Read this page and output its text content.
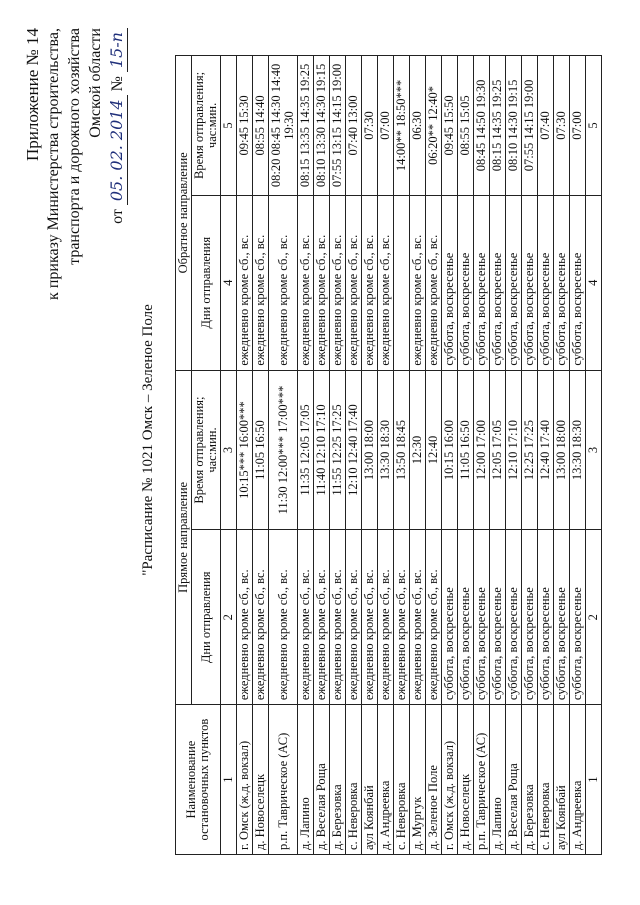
Приложение № 14 к приказу Министерства строительства, транспорта и дорожного хозяйства Омской области
от
05. 02. 2014
№
15-п
"Расписание № 1021 Омск – Зеленое Поле
Наименование остановочных пунктов	Прямое направление		Обратное направление	
	Дни отправления	Время отправления; час:мин.	Дни отправления	Время отправления; час:мин.
1	2	3	4	5
г. Омск (ж.д. вокзал)	ежедневно кроме сб., вс.	10:15*** 16:00***	ежедневно кроме сб., вс.	09:45 15:30
д. Новоселецк	ежедневно кроме сб., вс.	11:05 16:50	ежедневно кроме сб., вс.	08:55 14:40
р.п. Таврическое (АС)	ежедневно кроме сб., вс.	11:30 12:00*** 17:00***	ежедневно кроме сб., вс.	08:20 08:45 14:30 14:40 19:30
д. Лапино	ежедневно кроме сб., вс.	11:35 12:05 17:05	ежедневно кроме сб., вс.	08:15 13:35 14:35 19:25
д. Веселая Роща	ежедневно кроме сб., вс.	11:40 12:10 17:10	ежедневно кроме сб., вс.	08:10 13:30 14:30 19:15
д. Березовка	ежедневно кроме сб., вс.	11:55 12:25 17:25	ежедневно кроме сб., вс.	07:55 13:15 14:15 19:00
с. Неверовка	ежедневно кроме сб., вс.	12:10 12:40 17:40	ежедневно кроме сб., вс.	07:40 13:00
аул Коянбай	ежедневно кроме сб., вс.	13:00 18:00	ежедневно кроме сб., вс.	07:30
д. Андреевка	ежедневно кроме сб., вс.	13:30 18:30	ежедневно кроме сб., вс.	07:00
с. Неверовка	ежедневно кроме сб., вс.	13:50 18:45		14:00** 18:50***
д. Мургук	ежедневно кроме сб., вс.	12:30	ежедневно кроме сб., вс.	06:30
д. Зеленое Поле	ежедневно кроме сб., вс.	12:40	ежедневно кроме сб., вс.	06:20** 12:40*
г. Омск (ж.д. вокзал)	суббота, воскресенье	10:15 16:00	суббота, воскресенье	09:45 15:50
д. Новоселецк	суббота, воскресенье	11:05 16:50	суббота, воскресенье	08:55 15:05
р.п. Таврическое (АС)	суббота, воскресенье	12:00 17:00	суббота, воскресенье	08:45 14:50 19:30
д. Лапино	суббота, воскресенье	12:05 17:05	суббота, воскресенье	08:15 14:35 19:25
д. Веселая Роща	суббота, воскресенье	12:10 17:10	суббота, воскресенье	08:10 14:30 19:15
д. Березовка	суббота, воскресенье	12:25 17:25	суббота, воскресенье	07:55 14:15 19:00
с. Неверовка	суббота, воскресенье	12:40 17:40	суббота, воскресенье	07:40
аул Коянбай	суббота, воскресенье	13:00 18:00	суббота, воскресенье	07:30
д. Андреевка	суббота, воскресенье	13:30 18:30	суббота, воскресенье	07:00
1	2	3	4	5
